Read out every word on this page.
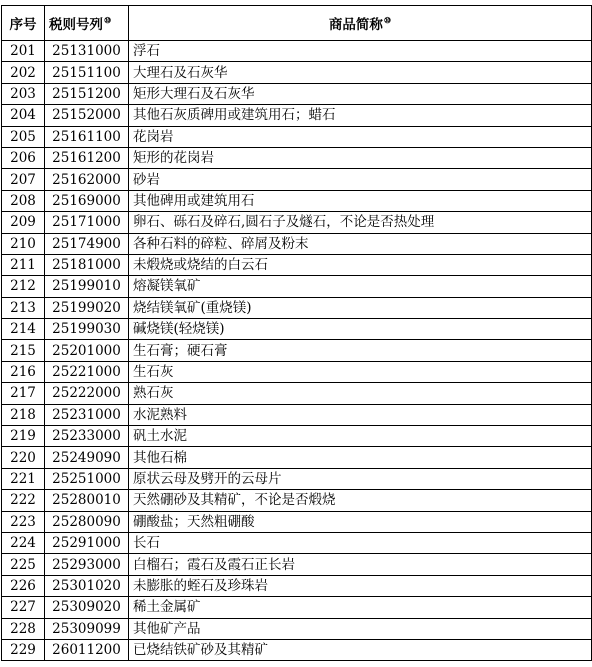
序号	税则号列⑩	商品简称⑩
201	25131000	浮石
202	25151100	大理石及石灰华
203	25151200	矩形大理石及石灰华
204	25152000	其他石灰质碑用或建筑用石；蜡石
205	25161100	花岗岩
206	25161200	矩形的花岗岩
207	25162000	砂岩
208	25169000	其他碑用或建筑用石
209	25171000	卵石、砾石及碎石,圆石子及燧石，不论是否热处理
210	25174900	各种石料的碎粒、碎屑及粉末
211	25181000	未煅烧或烧结的白云石
212	25199010	熔凝镁氧矿
213	25199020	烧结镁氧矿(重烧镁)
214	25199030	碱烧镁(轻烧镁)
215	25201000	生石膏；硬石膏
216	25221000	生石灰
217	25222000	熟石灰
218	25231000	水泥熟料
219	25233000	矾土水泥
220	25249090	其他石棉
221	25251000	原状云母及劈开的云母片
222	25280010	天然硼砂及其精矿，不论是否煅烧
223	25280090	硼酸盐；天然粗硼酸
224	25291000	长石
225	25293000	白榴石；霞石及霞石正长岩
226	25301020	未膨胀的蛭石及珍珠岩
227	25309020	稀土金属矿
228	25309099	其他矿产品
229	26011200	已烧结铁矿砂及其精矿
